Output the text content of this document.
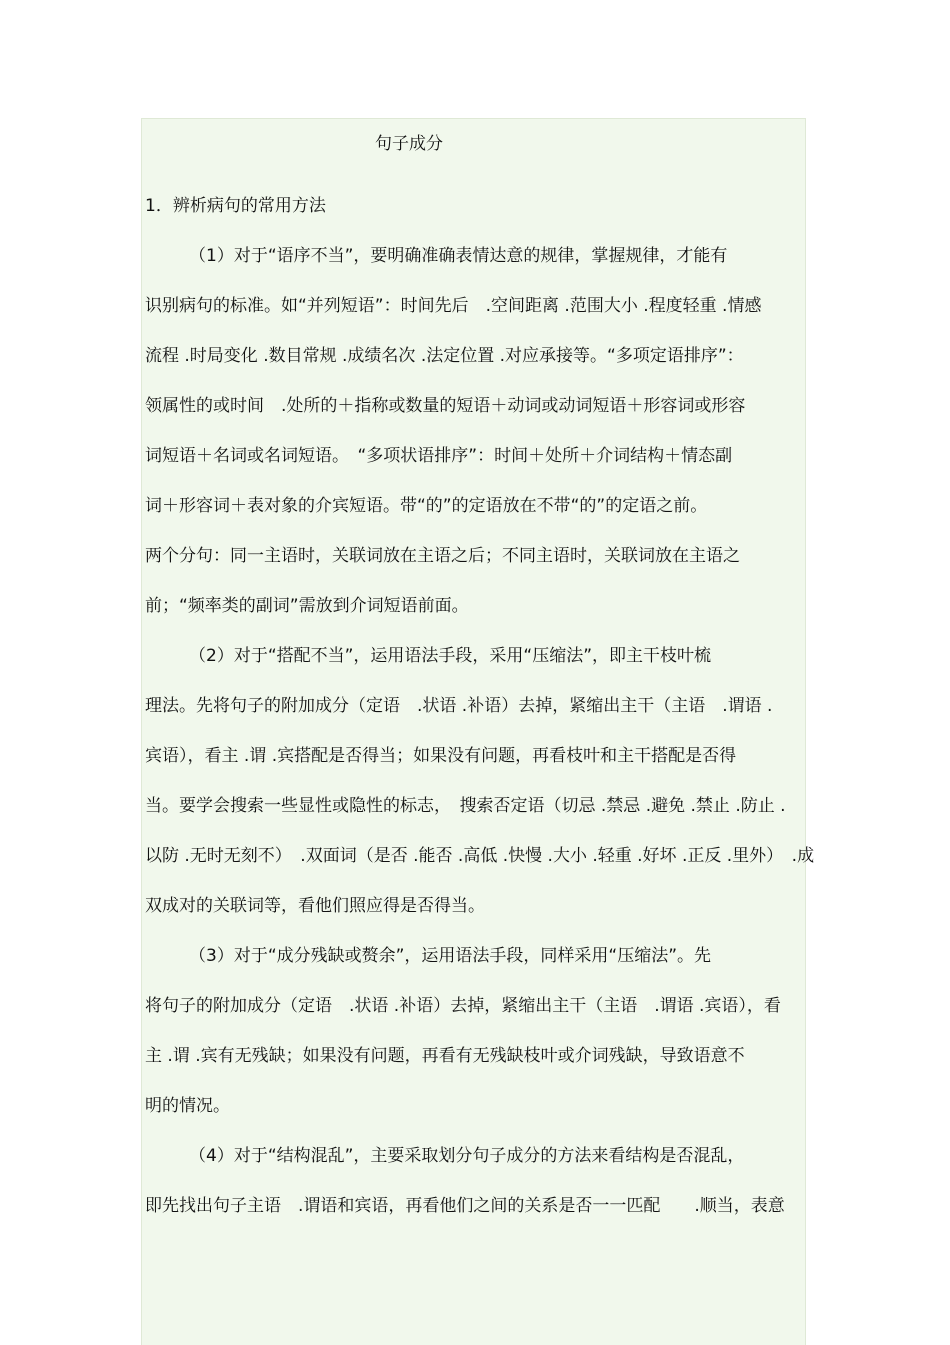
句子成分
1．辨析病句的常用方法
（1）对于“语序不当”，要明确准确表情达意的规律，掌握规律，才能有
识别病句的标准。如“并列短语”：时间先后　.空间距离 .范围大小 .程度轻重 .情感
流程 .时局变化 .数目常规 .成绩名次 .法定位置 .对应承接等。“多项定语排序”：
领属性的或时间　.处所的＋指称或数量的短语＋动词或动词短语＋形容词或形容
词短语＋名词或名词短语。　“多项状语排序”：时间＋处所＋介词结构＋情态副
词＋形容词＋表对象的介宾短语。带“的”的定语放在不带“的”的定语之前。
两个分句：同一主语时，关联词放在主语之后；不同主语时，关联词放在主语之
前；“频率类的副词”需放到介词短语前面。
（2）对于“搭配不当”，运用语法手段，采用“压缩法”，即主干枝叶梳
理法。先将句子的附加成分（定语　.状语 .补语）去掉，紧缩出主干（主语　.谓语 .
宾语），看主 .谓 .宾搭配是否得当；如果没有问题，再看枝叶和主干搭配是否得
当。要学会搜索一些显性或隐性的标志，　搜索否定语（切忌 .禁忌 .避免 .禁止 .防止 .
以防 .无时无刻不）　.双面词（是否 .能否 .高低 .快慢 .大小 .轻重 .好坏 .正反 .里外）　.成
双成对的关联词等，看他们照应得是否得当。
（3）对于“成分残缺或赘余”，运用语法手段，同样采用“压缩法”。先
将句子的附加成分（定语　.状语 .补语）去掉，紧缩出主干（主语　.谓语 .宾语），看
主 .谓 .宾有无残缺；如果没有问题，再看有无残缺枝叶或介词残缺，导致语意不
明的情况。
（4）对于“结构混乱”，主要采取划分句子成分的方法来看结构是否混乱，
即先找出句子主语　.谓语和宾语，再看他们之间的关系是否一一匹配　　.顺当，表意
